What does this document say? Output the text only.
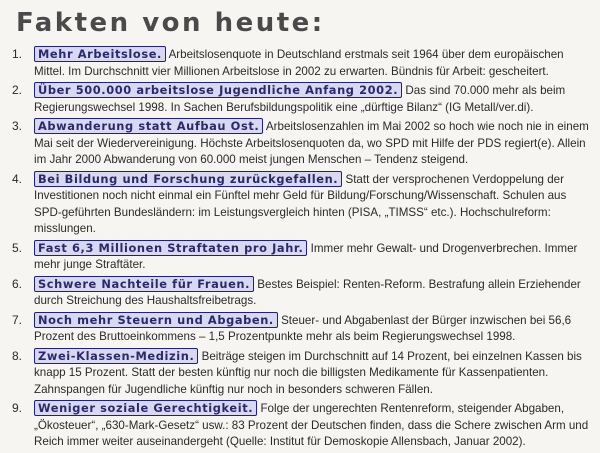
Fakten von heute:
1.	Mehr Arbeitslose. Arbeitslosenquote in Deutschland erstmals seit 1964 über dem europäischen Mittel. Im Durchschnitt vier Millionen Arbeitslose in 2002 zu erwarten. Bündnis für Arbeit: gescheitert.
2.	Über 500.000 arbeitslose Jugendliche Anfang 2002. Das sind 70.000 mehr als beim Regierungswechsel 1998. In Sachen Berufsbildungspolitik eine „dürftige Bilanz“ (IG Metall/ver.di).
3.	Abwanderung statt Aufbau Ost. Arbeitslosenzahlen im Mai 2002 so hoch wie noch nie in einem Mai seit der Wiedervereinigung. Höchste Arbeitslosenquoten da, wo SPD mit Hilfe der PDS regiert(e). Allein im Jahr 2000 Abwanderung von 60.000 meist jungen Menschen – Tendenz steigend.
4.	Bei Bildung und Forschung zurückgefallen. Statt der versprochenen Verdoppelung der Investitionen noch nicht einmal ein Fünftel mehr Geld für Bildung/Forschung/Wissenschaft. Schulen aus SPD-geführten Bundesländern: im Leistungsvergleich hinten (PISA, „TIMSS“ etc.). Hochschulreform: misslungen.
5.	Fast 6,3 Millionen Straftaten pro Jahr. Immer mehr Gewalt- und Drogenverbrechen. Immer mehr junge Straftäter.
6.	Schwere Nachteile für Frauen. Bestes Beispiel: Renten-Reform. Bestrafung allein Erziehender durch Streichung des Haushaltsfreibetrags.
7.	Noch mehr Steuern und Abgaben. Steuer- und Abgabenlast der Bürger inzwischen bei 56,6 Prozent des Bruttoeinkommens – 1,5 Prozentpunkte mehr als beim Regierungswechsel 1998.
8.	Zwei-Klassen-Medizin. Beiträge steigen im Durchschnitt auf 14 Prozent, bei einzelnen Kassen bis knapp 15 Prozent. Statt der besten künftig nur noch die billigsten Medikamente für Kassenpatienten. Zahnspangen für Jugendliche künftig nur noch in besonders schweren Fällen.
9.	Weniger soziale Gerechtigkeit. Folge der ungerechten Rentenreform, steigender Abgaben, „Ökosteuer“, „630-Mark-Gesetz“ usw.: 83 Prozent der Deutschen finden, dass die Schere zwischen Arm und Reich immer weiter auseinandergeht (Quelle: Institut für Demoskopie Allensbach, Januar 2002).
